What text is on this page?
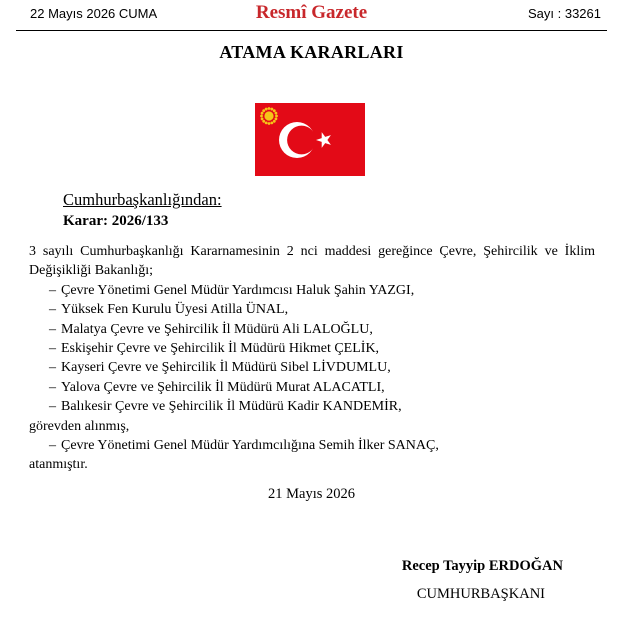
22 Mayıs 2026 CUMA	Resmî Gazete	Sayı : 33261
ATAMA KARARLARI
Cumhurbaşkanlığından:
Karar: 2026/133
3 sayılı Cumhurbaşkanlığı Kararnamesinin 2 nci maddesi gereğince Çevre, Şehircilik ve İklim Değişikliği Bakanlığı;
– Çevre Yönetimi Genel Müdür Yardımcısı Haluk Şahin YAZGI,
– Yüksek Fen Kurulu Üyesi Atilla ÜNAL,
– Malatya Çevre ve Şehircilik İl Müdürü Ali LALOĞLU,
– Eskişehir Çevre ve Şehircilik İl Müdürü Hikmet ÇELİK,
– Kayseri Çevre ve Şehircilik İl Müdürü Sibel LİVDUMLU,
– Yalova Çevre ve Şehircilik İl Müdürü Murat ALACATLI,
– Balıkesir Çevre ve Şehircilik İl Müdürü Kadir KANDEMİR,
görevden alınmış,
– Çevre Yönetimi Genel Müdür Yardımcılığına Semih İlker SANAÇ,
atanmıştır.
21 Mayıs 2026
Recep Tayyip ERDOĞAN
CUMHURBAŞKANI
